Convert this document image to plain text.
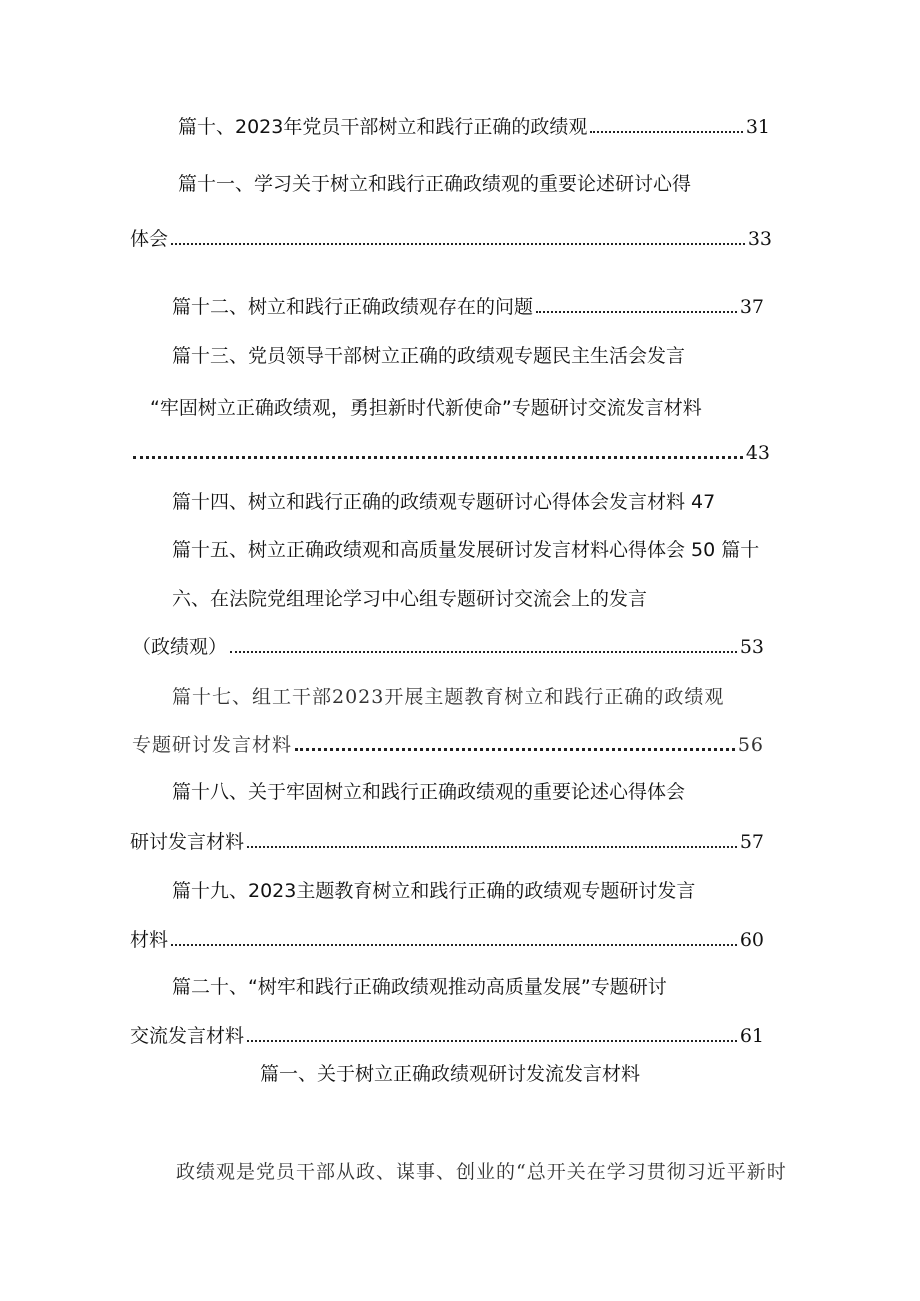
篇十、2023年党员干部树立和践行正确的政绩观	31
篇十一、学习关于树立和践行正确政绩观的重要论述研讨心得
体会	33
篇十二、树立和践行正确政绩观存在的问题	37
篇十三、党员领导干部树立正确的政绩观专题民主生活会发言
“牢固树立正确政绩观，勇担新时代新使命”专题研讨交流发言材料
43
篇十四、树立和践行正确的政绩观专题研讨心得体会发言材料 47
篇十五、树立正确政绩观和高质量发展研讨发言材料心得体会 50 篇十
六、在法院党组理论学习中心组专题研讨交流会上的发言
（政绩观）	53
篇十七、组工干部2023开展主题教育树立和践行正确的政绩观
专题研讨发言材料	56
篇十八、关于牢固树立和践行正确政绩观的重要论述心得体会
研讨发言材料	57
篇十九、2023主题教育树立和践行正确的政绩观专题研讨发言
材料	60
篇二十、“树牢和践行正确政绩观推动高质量发展”专题研讨
交流发言材料	61
篇一、关于树立正确政绩观研讨发流发言材料
政绩观是党员干部从政、谋事、创业的“总开关在学习贯彻习近平新时
